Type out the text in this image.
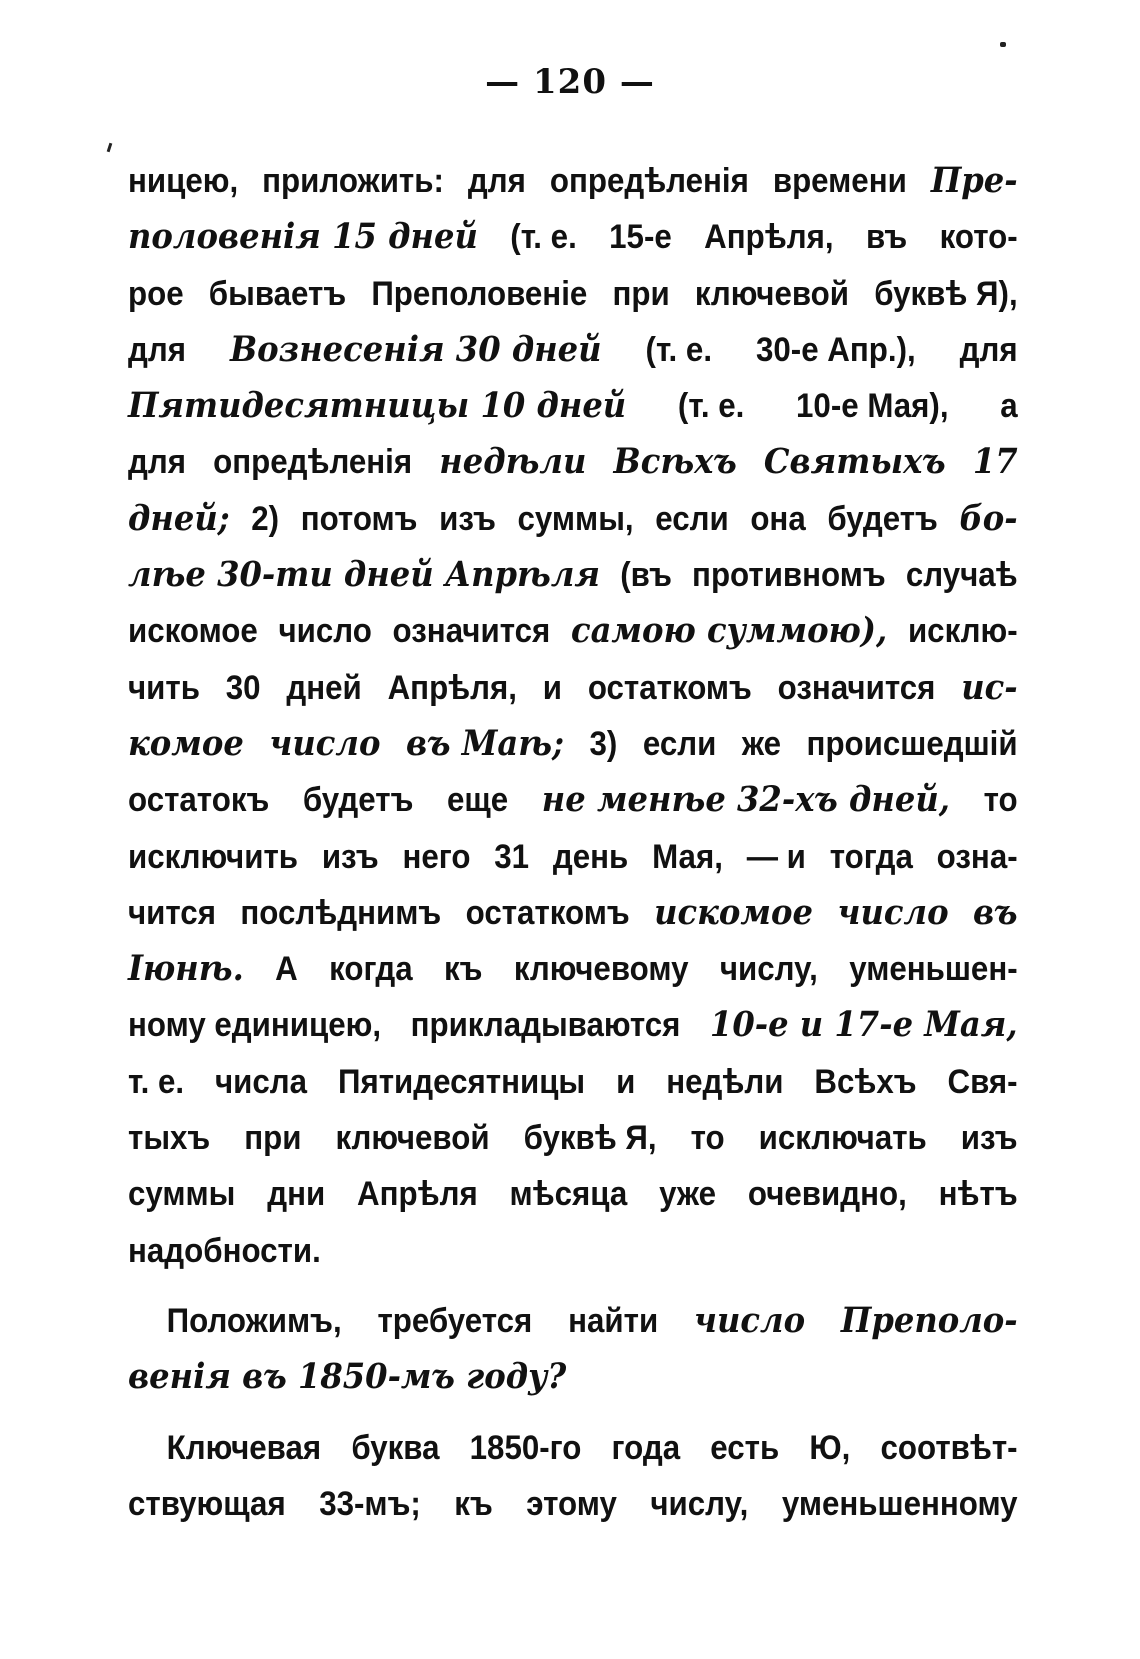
— 120 —
ницею, приложить: для опредѣленія времени Пре-
половенія 15 дней (т. е. 15-е Апрѣля, въ кото-
рое бываетъ Преполовеніе при ключевой буквѣ Я),
для Вознесенія 30 дней (т. е. 30-е Апр.), для
Пятидесятницы 10 дней (т. е. 10-е Мая), а
для опредѣленія недѣли Всѣхъ Святыхъ 17
дней; 2) потомъ изъ суммы, если она будетъ бо-
лѣе 30-ти дней Апрѣля (въ противномъ случаѣ
искомое число означится самою суммою), исклю-
чить 30 дней Апрѣля, и остаткомъ означится ис-
комое число въ Маѣ; 3) если же происшедшій
остатокъ будетъ еще не менѣе 32-хъ дней, то
исключить изъ него 31 день Мая, — и тогда озна-
чится послѣднимъ остаткомъ искомое число въ
Іюнѣ. А когда къ ключевому числу, уменьшен-
ному единицею, прикладываются 10-е и 17-е Мая,
т. е. числа Пятидесятницы и недѣли Всѣхъ Свя-
тыхъ при ключевой буквѣ Я, то исключать изъ
суммы дни Апрѣля мѣсяца уже очевидно, нѣтъ
надобности.
Положимъ, требуется найти число Преполо-
венія въ 1850-мъ году?
Ключевая буква 1850-го года есть Ю, соотвѣт-
ствующая 33-мъ; къ этому числу, уменьшенному
